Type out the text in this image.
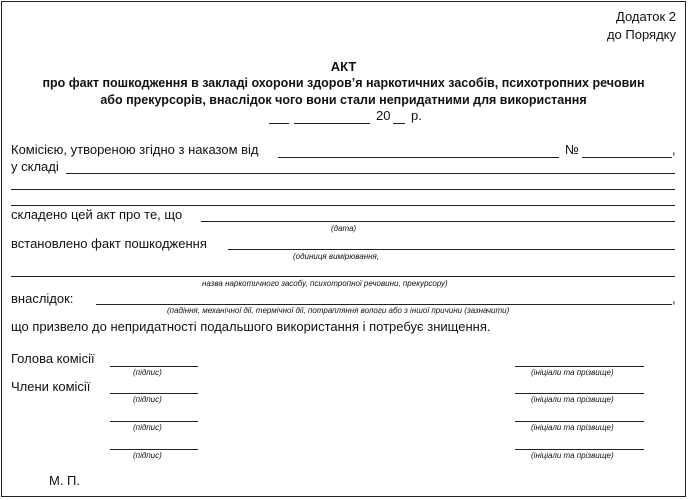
Додаток 2
до Порядку
АКТ
про факт пошкодження в закладі охорони здоров’я наркотичних засобів, психотропних речовин
або прекурсорів, внаслідок чого вони стали непридатними для використання
20 р.
Комісією, утвореною згідно з наказом від	№	,
у складі
складено цей акт про те, що
(дата)
встановлено факт пошкодження
(одиниця вимірювання,
назва наркотичного засобу, психотропної речовини, прекурсору)
внаслідок:	,
(падіння, механічної дії, термічної дії, потрапляння вологи або з іншої причини (зазначити)
що призвело до непридатності подальшого використання і потребує знищення.
Голова комісії
(підпис)	(ініціали та прізвище)
Члени комісії
(підпис)	(ініціали та прізвище)
(підпис)	(ініціали та прізвище)
(підпис)	(ініціали та прізвище)
М. П.
